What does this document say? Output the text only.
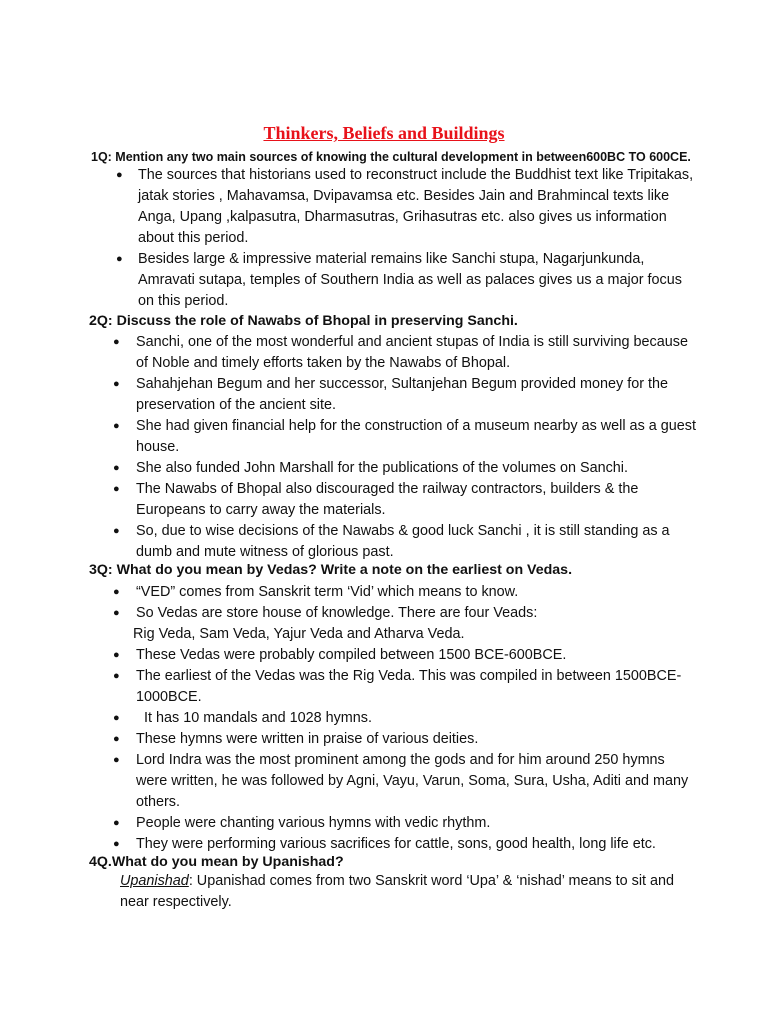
Thinkers, Beliefs and Buildings
1Q: Mention any two main sources of knowing the cultural development in between600BC TO 600CE.
● The sources that historians used to reconstruct include the Buddhist text like Tripitakas, jatak stories , Mahavamsa, Dvipavamsa etc. Besides Jain and Brahmincal texts like Anga, Upang ,kalpasutra, Dharmasutras, Grihasutras etc. also gives us information about this period.
● Besides large & impressive material remains like Sanchi stupa, Nagarjunkunda, Amravati sutapa, temples of Southern India as well as palaces gives us a major focus on this period.
2Q: Discuss the role of Nawabs of Bhopal in preserving Sanchi.
● Sanchi, one of the most wonderful and ancient stupas of India is still surviving because of Noble and timely efforts taken by the Nawabs of Bhopal.
● Sahahjehan Begum and her successor, Sultanjehan Begum provided money for the preservation of the ancient site.
● She had given financial help for the construction of a museum nearby as well as a guest house.
● She also funded John Marshall for the publications of the volumes on Sanchi.
● The Nawabs of Bhopal also discouraged the railway contractors, builders & the Europeans to carry away the materials.
● So, due to wise decisions of the Nawabs & good luck Sanchi , it is still standing as a dumb and mute witness of glorious past.
3Q: What do you mean by Vedas? Write a note on the earliest on Vedas.
● “VED” comes from Sanskrit term ‘Vid’ which means to know.
● So Vedas are store house of knowledge. There are four Veads:
Rig Veda, Sam Veda, Yajur Veda and Atharva Veda.
● These Vedas were probably compiled between 1500 BCE-600BCE.
● The earliest of the Vedas was the Rig Veda. This was compiled in between 1500BCE-1000BCE.
● It has 10 mandals and 1028 hymns.
● These hymns were written in praise of various deities.
● Lord Indra was the most prominent among the gods and for him around 250 hymns were written, he was followed by Agni, Vayu, Varun, Soma, Sura, Usha, Aditi and many others.
● People were chanting various hymns with vedic rhythm.
● They were performing various sacrifices for cattle, sons, good health, long life etc.
4Q.What do you mean by Upanishad?
Upanishad: Upanishad comes from two Sanskrit word ‘Upa’ & ‘nishad’ means to sit and near respectively.
